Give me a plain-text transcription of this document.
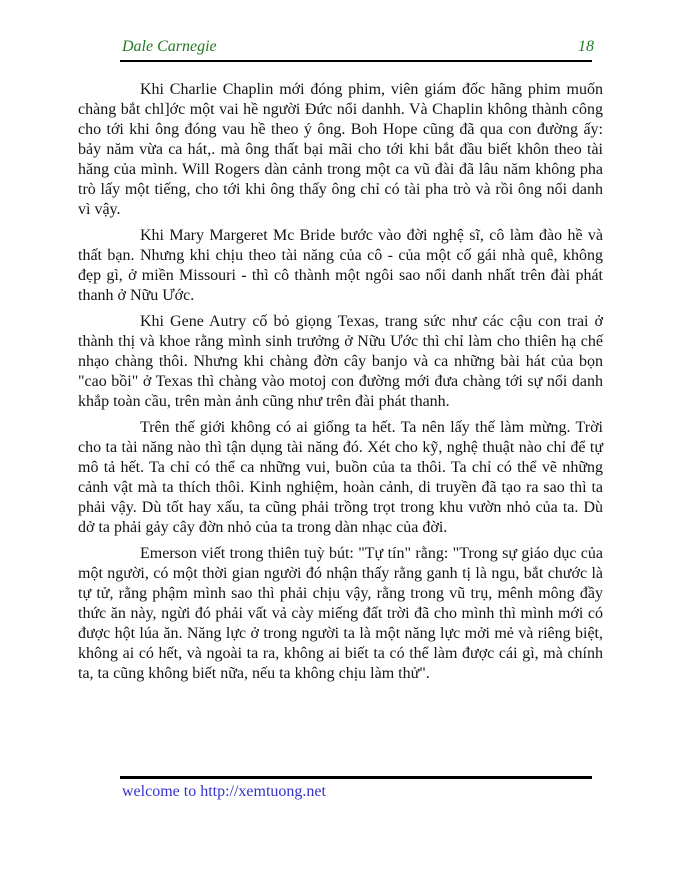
Dale Carnegie	18

Khi Charlie Chaplin mới đóng phim, viên giám đốc hãng phim muốn chàng bắt chl]ớc một vai hề người Đức nổi danhh. Và Chaplin không thành công cho tới khi ông đóng vau hề theo ý ông. Boh Hope cũng đã qua con đường ấy: bảy năm vừa ca hát,. mà ông thất bại mãi cho tới khi bắt đầu biết khôn theo tài hăng của mình. Will Rogers dàn cảnh trong một ca vũ đài đã lâu năm không pha trò lấy một tiếng, cho tới khi ông thấy ông chỉ có tài pha trò và rồi ông nổi danh vì vậy.

Khi Mary Margeret Mc Bride bước vào đời nghệ sĩ, cô làm đào hề và thất bạn. Nhưng khi chịu theo tài năng của cô - của một cố gái nhà quê, không đẹp gì, ở miền Missouri - thì cô thành một ngôi sao nổi danh nhất trên đài phát thanh ở Nữu Ước.

Khi Gene Autry cố bỏ giọng Texas, trang sức như các cậu con trai ở thành thị và khoe rằng mình sinh trưởng ở Nữu Ước thì chỉ làm cho thiên hạ chế nhạo chàng thôi. Nhưng khi chàng đờn cây banjo và ca những bài hát của bọn "cao bồi" ở Texas thì chàng vào motoj con đường mới đưa chàng tới sự nổi danh khắp toàn cầu, trên màn ảnh cũng như trên đài phát thanh.

Trên thế giới không có ai giống ta hết. Ta nên lấy thế làm mừng. Trời cho ta tài năng nào thì tận dụng tài năng đó. Xét cho kỹ, nghệ thuật nào chỉ để tự mô tả hết. Ta chỉ có thể ca những vui, buồn của ta thôi. Ta chỉ có thể vẽ những cảnh vật mà ta thích thôi. Kinh nghiệm, hoàn cảnh, di truyền đã tạo ra sao thì ta phải vậy. Dù tốt hay xấu, ta cũng phải trồng trọt trong khu vườn nhỏ của ta. Dù dở ta phải gảy cây đờn nhỏ của ta trong dàn nhạc của đời.

Emerson viết trong thiên tuỳ bút: "Tự tín" rằng: "Trong sự giáo dục của một người, có một thời gian người đó nhận thấy rằng ganh tị là ngu, bắt chước là tự tử, rằng phậm mình sao thì phải chịu vậy, rằng trong vũ trụ, mênh mông đầy thức ăn này, ngừi đó phải vất vả cày miếng đất trời đã cho mình thì mình mới có được hột lúa ăn. Năng lực ở trong người ta là một năng lực mởi mẻ và riêng biệt, không ai có hết, và ngoài ta ra, không ai biết ta có thể làm được cái gì, mà chính ta, ta cũng không biết nữa, nếu ta không chịu làm thử".

welcome to http://xemtuong.net
